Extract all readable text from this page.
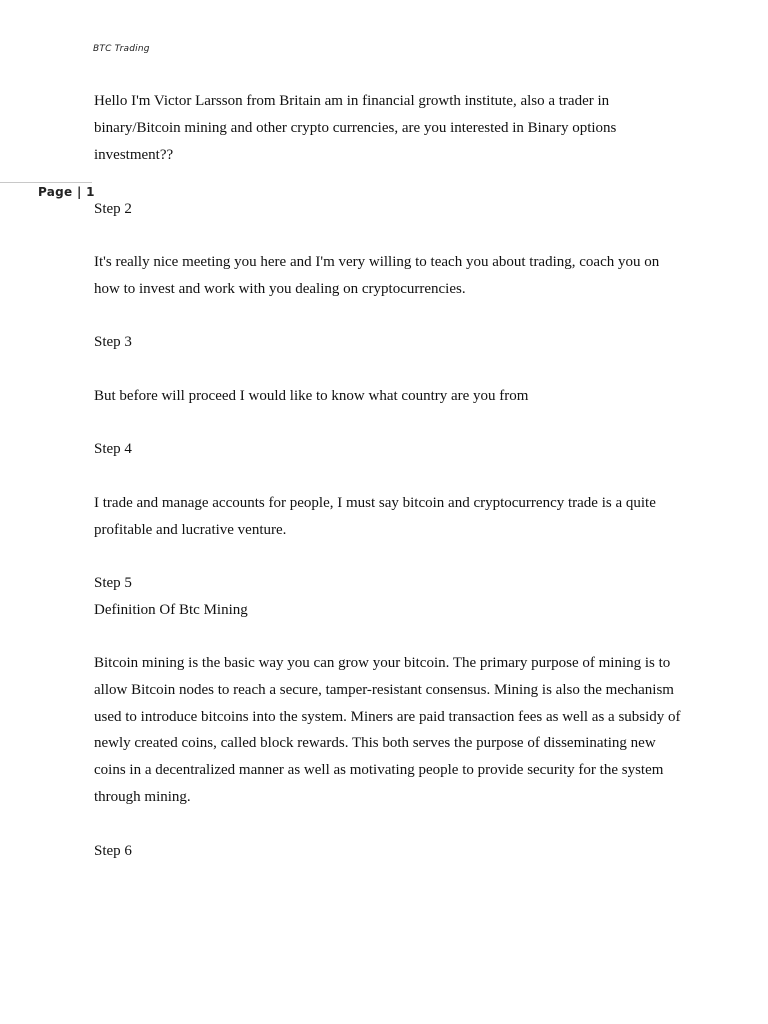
BTC Trading
Page | 1

Hello I'm Victor Larsson from Britain am in financial growth institute, also a trader in binary/Bitcoin mining and other crypto currencies, are you interested in Binary options investment??

Step 2

It's really nice meeting you here and I'm very willing to teach you about trading, coach you on how to invest and work with you dealing on cryptocurrencies.

Step 3

But before will proceed I would like to know what country are you from

Step 4

I trade and manage accounts for people, I must say bitcoin and cryptocurrency trade is a quite profitable and lucrative venture.

Step 5

Definition Of Btc Mining

Bitcoin mining is the basic way you can grow your bitcoin. The primary purpose of mining is to allow Bitcoin nodes to reach a secure, tamper-resistant consensus. Mining is also the mechanism used to introduce bitcoins into the system. Miners are paid transaction fees as well as a subsidy of newly created coins, called block rewards. This both serves the purpose of disseminating new coins in a decentralized manner as well as motivating people to provide security for the system through mining.

Step 6
